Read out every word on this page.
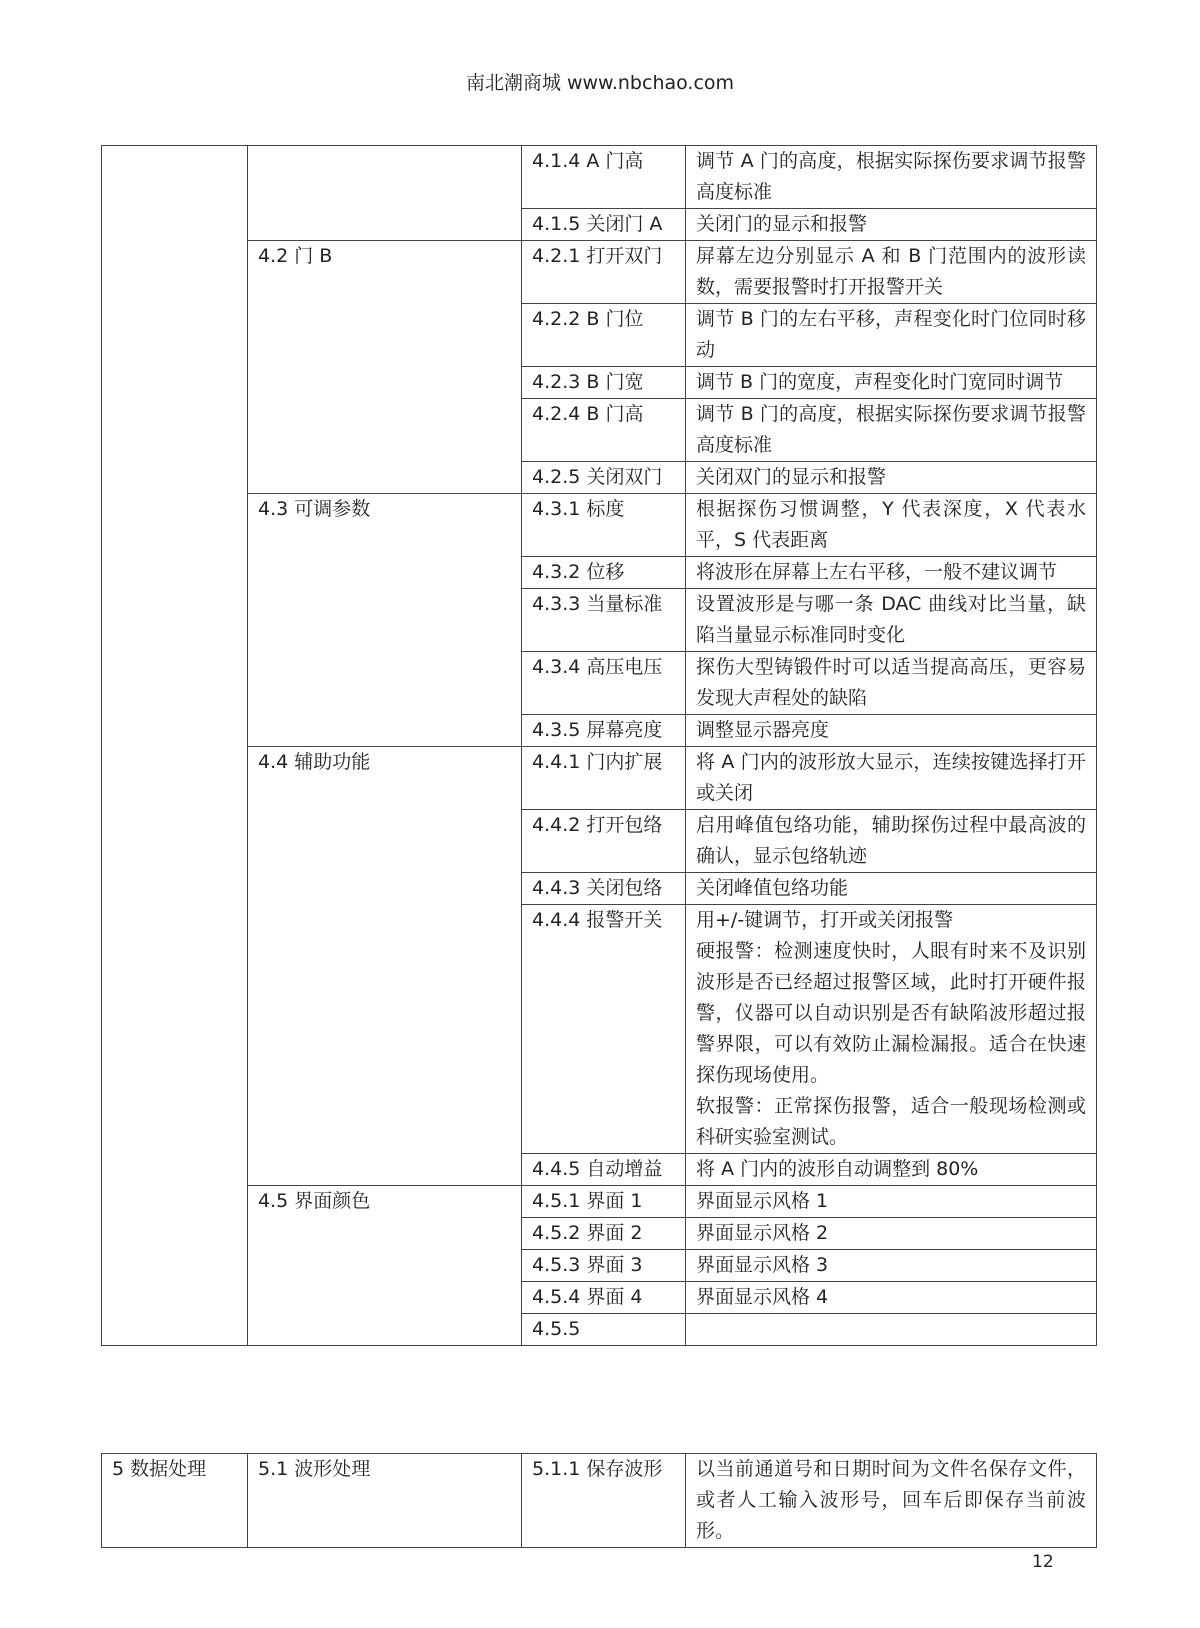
南北潮商城 www.nbchao.com
		4.1.4 A 门高	调节 A 门的高度，根据实际探伤要求调节报警高度标准
		4.1.5 关闭门 A	关闭门的显示和报警
	4.2 门 B	4.2.1 打开双门	屏幕左边分别显示 A 和 B 门范围内的波形读数，需要报警时打开报警开关
		4.2.2 B 门位	调节 B 门的左右平移，声程变化时门位同时移动
		4.2.3 B 门宽	调节 B 门的宽度，声程变化时门宽同时调节
		4.2.4 B 门高	调节 B 门的高度，根据实际探伤要求调节报警高度标准
		4.2.5 关闭双门	关闭双门的显示和报警
	4.3 可调参数	4.3.1 标度	根据探伤习惯调整，Y 代表深度，X 代表水平，S 代表距离
		4.3.2 位移	将波形在屏幕上左右平移，一般不建议调节
		4.3.3 当量标准	设置波形是与哪一条 DAC 曲线对比当量，缺陷当量显示标准同时变化
		4.3.4 高压电压	探伤大型铸锻件时可以适当提高高压，更容易发现大声程处的缺陷
		4.3.5 屏幕亮度	调整显示器亮度
	4.4 辅助功能	4.4.1 门内扩展	将 A 门内的波形放大显示，连续按键选择打开或关闭
		4.4.2 打开包络	启用峰值包络功能，辅助探伤过程中最高波的确认，显示包络轨迹
		4.4.3 关闭包络	关闭峰值包络功能
		4.4.4 报警开关	用+/-键调节，打开或关闭报警
硬报警：检测速度快时，人眼有时来不及识别波形是否已经超过报警区域，此时打开硬件报警，仪器可以自动识别是否有缺陷波形超过报警界限，可以有效防止漏检漏报。适合在快速探伤现场使用。
软报警：正常探伤报警，适合一般现场检测或科研实验室测试。
		4.4.5 自动增益	将 A 门内的波形自动调整到 80%
	4.5 界面颜色	4.5.1 界面 1	界面显示风格 1
		4.5.2 界面 2	界面显示风格 2
		4.5.3 界面 3	界面显示风格 3
		4.5.4 界面 4	界面显示风格 4
		4.5.5	
5 数据处理	5.1 波形处理	5.1.1 保存波形	以当前通道号和日期时间为文件名保存文件，或者人工输入波形号，回车后即保存当前波形。
12
